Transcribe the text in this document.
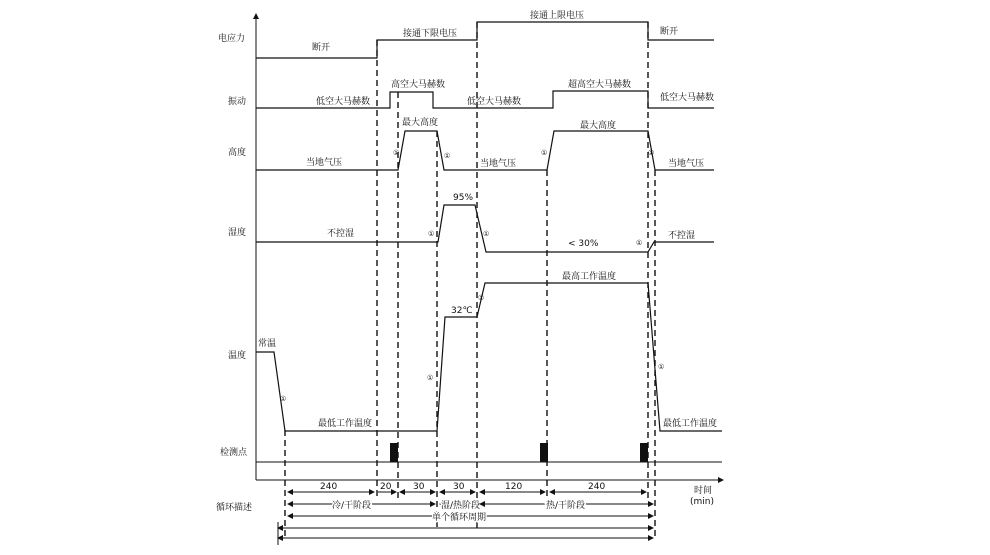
电应力
振动
高度
湿度
温度
检测点
循环描述
时间
(min)
断开
接通下限电压
接通上限电压
断开
低空大马赫数
高空大马赫数
低空大马赫数
超高空大马赫数
低空大马赫数
当地气压
最大高度
当地气压
最大高度
当地气压
不控湿
95%
< 30%
不控湿
常温
最低工作温度
32℃
最高工作温度
最低工作温度
①	①	①	①
①	①
①
①
①
①
①
240	20 30	30	120	240
冷/干阶段	湿/热阶段	热/干阶段
单个循环周期
